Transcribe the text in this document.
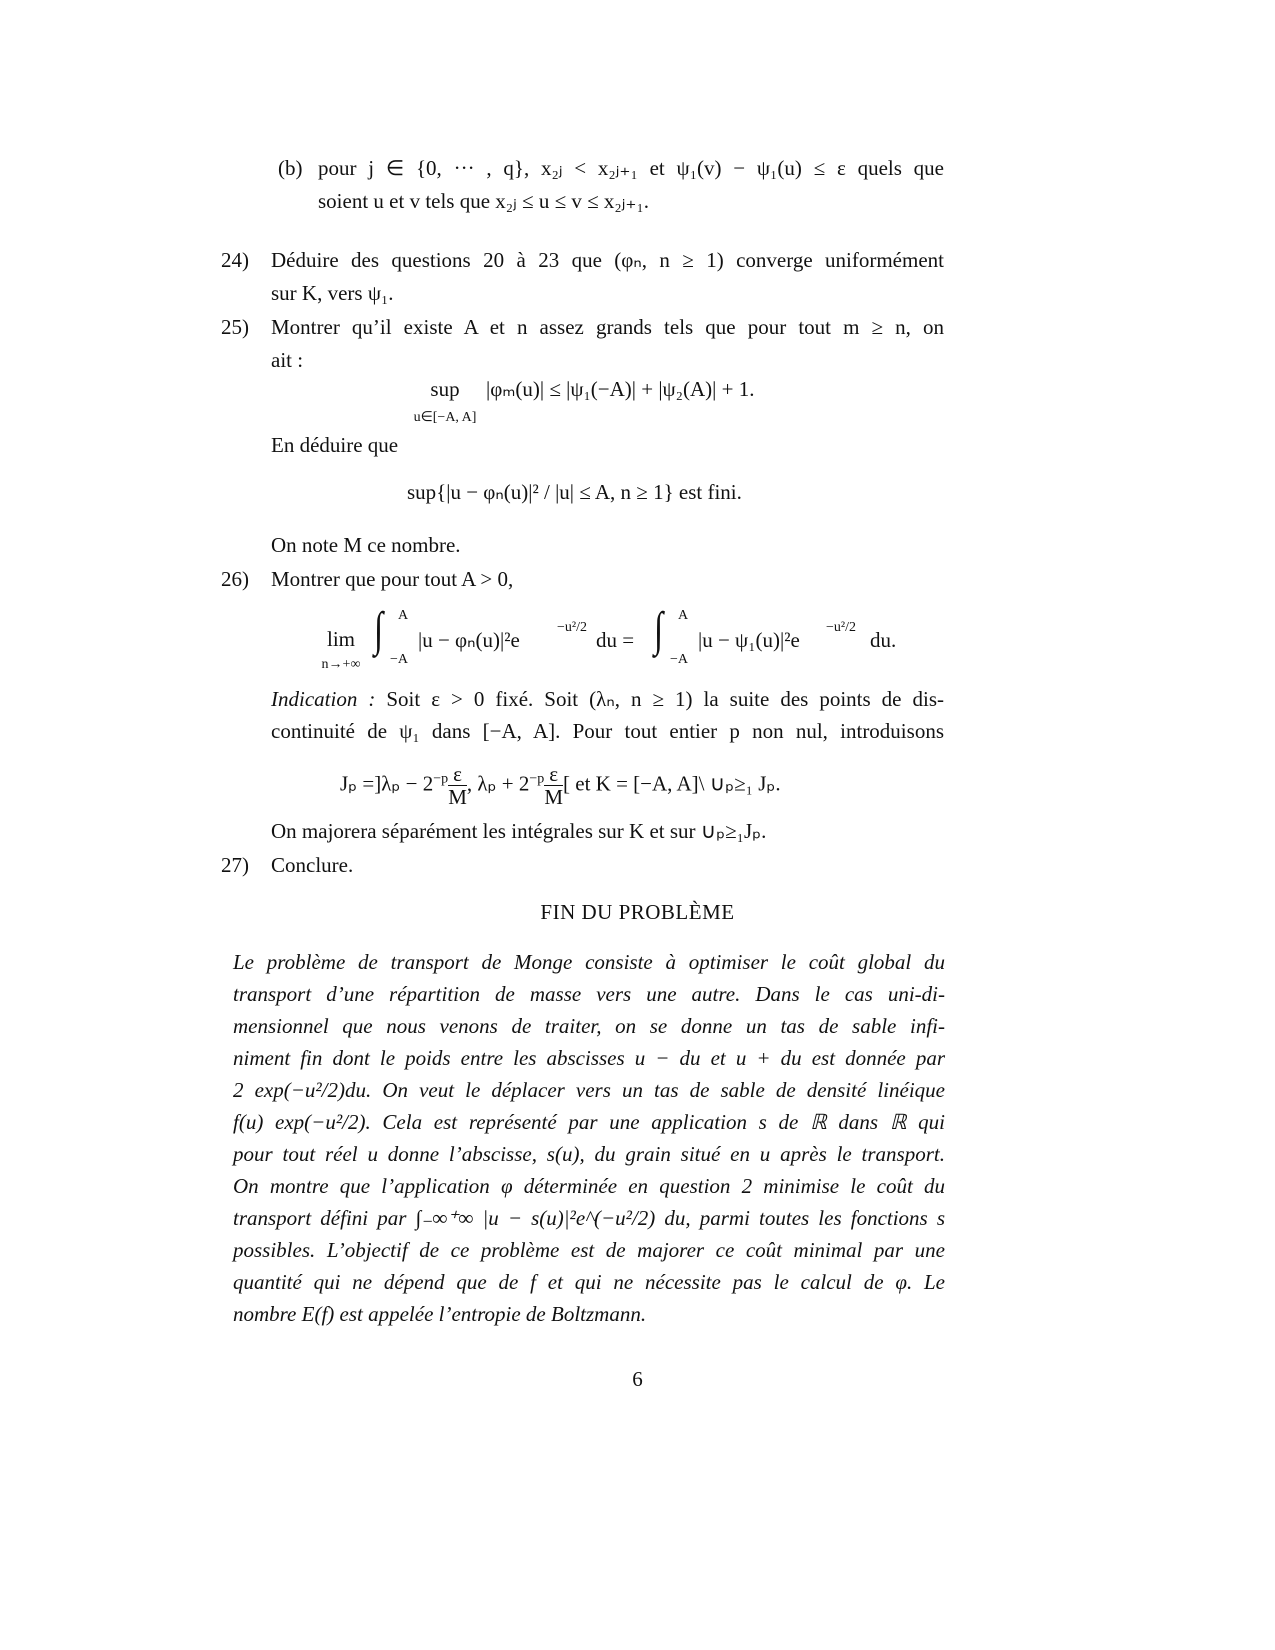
(b) pour j ∈ {0, ··· , q}, x₂ⱼ < x₂ⱼ₊₁ et ψ₁(v) − ψ₁(u) ≤ ε quels que
soient u et v tels que x₂ⱼ ≤ u ≤ v ≤ x₂ⱼ₊₁.
24) Déduire des questions 20 à 23 que (φₙ, n ≥ 1) converge uniformément
sur K, vers ψ₁.
25) Montrer qu’il existe A et n assez grands tels que pour tout m ≥ n, on
ait :
sup
u∈[−A, A]
|φₘ(u)| ≤ |ψ₁(−A)| + |ψ₂(A)| + 1.
En déduire que
sup{|u − φₙ(u)|² / |u| ≤ A, n ≥ 1} est fini.
On note M ce nombre.
26) Montrer que pour tout A > 0,
lim
n→+∞
∫ A
−A
|u − φₙ(u)|²e
−u²/2
du = ∫ A
−A
|u − ψ₁(u)|²e
−u²/2
du.
Indication : Soit ε > 0 fixé. Soit (λₙ, n ≥ 1) la suite des points de dis-
continuité de ψ₁ dans [−A, A]. Pour tout entier p non nul, introduisons
$J_p =]\lambda_p - 2^{-p} \frac{\varepsilon}{M}$ , $\lambda_p + 2^{-p} \frac{\varepsilon}{M}$ [ et K = [−A, A]\ ∪ₚ≥₁ Jₚ.
On majorera séparément les intégrales sur K et sur ∪ₚ≥₁Jₚ.
27) Conclure.
FIN DU PROBLÈME
Le problème de transport de Monge consiste à optimiser le coût global du
transport d’une répartition de masse vers une autre. Dans le cas uni-di-
mensionnel que nous venons de traiter, on se donne un tas de sable infi-
niment fin dont le poids entre les abscisses u − du et u + du est donnée par
2 exp(−u²/2)du. On veut le déplacer vers un tas de sable de densité linéique
f(u) exp(−u²/2). Cela est représenté par une application s de ℝ dans ℝ qui
pour tout réel u donne l’abscisse, s(u), du grain situé en u après le transport.
On montre que l’application φ déterminée en question 2 minimise le coût du
transport défini par ∫₋∞⁺∞ |u − s(u)|²e^(−u²/2) du, parmi toutes les fonctions s
possibles. L’objectif de ce problème est de majorer ce coût minimal par une
quantité qui ne dépend que de f et qui ne nécessite pas le calcul de φ. Le
nombre E(f) est appelée l’entropie de Boltzmann.
6
